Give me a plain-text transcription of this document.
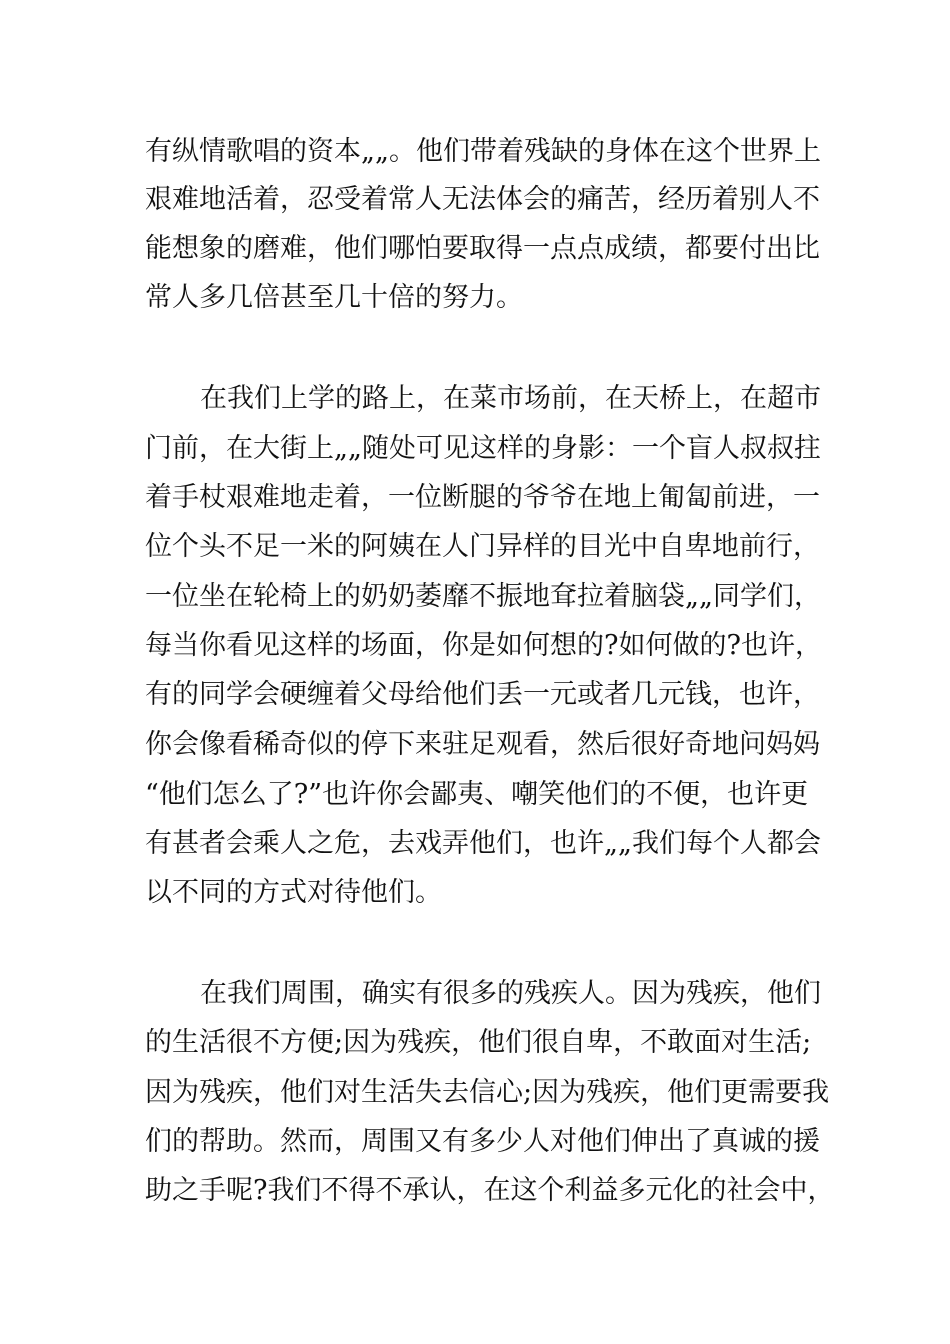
有纵情歌唱的资本„„。他们带着残缺的身体在这个世界上
艰难地活着，忍受着常人无法体会的痛苦，经历着别人不
能想象的磨难，他们哪怕要取得一点点成绩，都要付出比
常人多几倍甚至几十倍的努力。
在我们上学的路上，在菜市场前，在天桥上，在超市
门前，在大街上„„随处可见这样的身影：一个盲人叔叔拄
着手杖艰难地走着，一位断腿的爷爷在地上匍匐前进，一
位个头不足一米的阿姨在人门异样的目光中自卑地前行，
一位坐在轮椅上的奶奶萎靡不振地耷拉着脑袋„„同学们，
每当你看见这样的场面，你是如何想的?如何做的?也许，
有的同学会硬缠着父母给他们丢一元或者几元钱，也许，
你会像看稀奇似的停下来驻足观看，然后很好奇地问妈妈
“他们怎么了?”也许你会鄙夷、嘲笑他们的不便，也许更
有甚者会乘人之危，去戏弄他们，也许„„我们每个人都会
以不同的方式对待他们。
在我们周围，确实有很多的残疾人。因为残疾，他们
的生活很不方便;因为残疾，他们很自卑，不敢面对生活;
因为残疾，他们对生活失去信心;因为残疾，他们更需要我
们的帮助。然而，周围又有多少人对他们伸出了真诚的援
助之手呢?我们不得不承认，在这个利益多元化的社会中，
